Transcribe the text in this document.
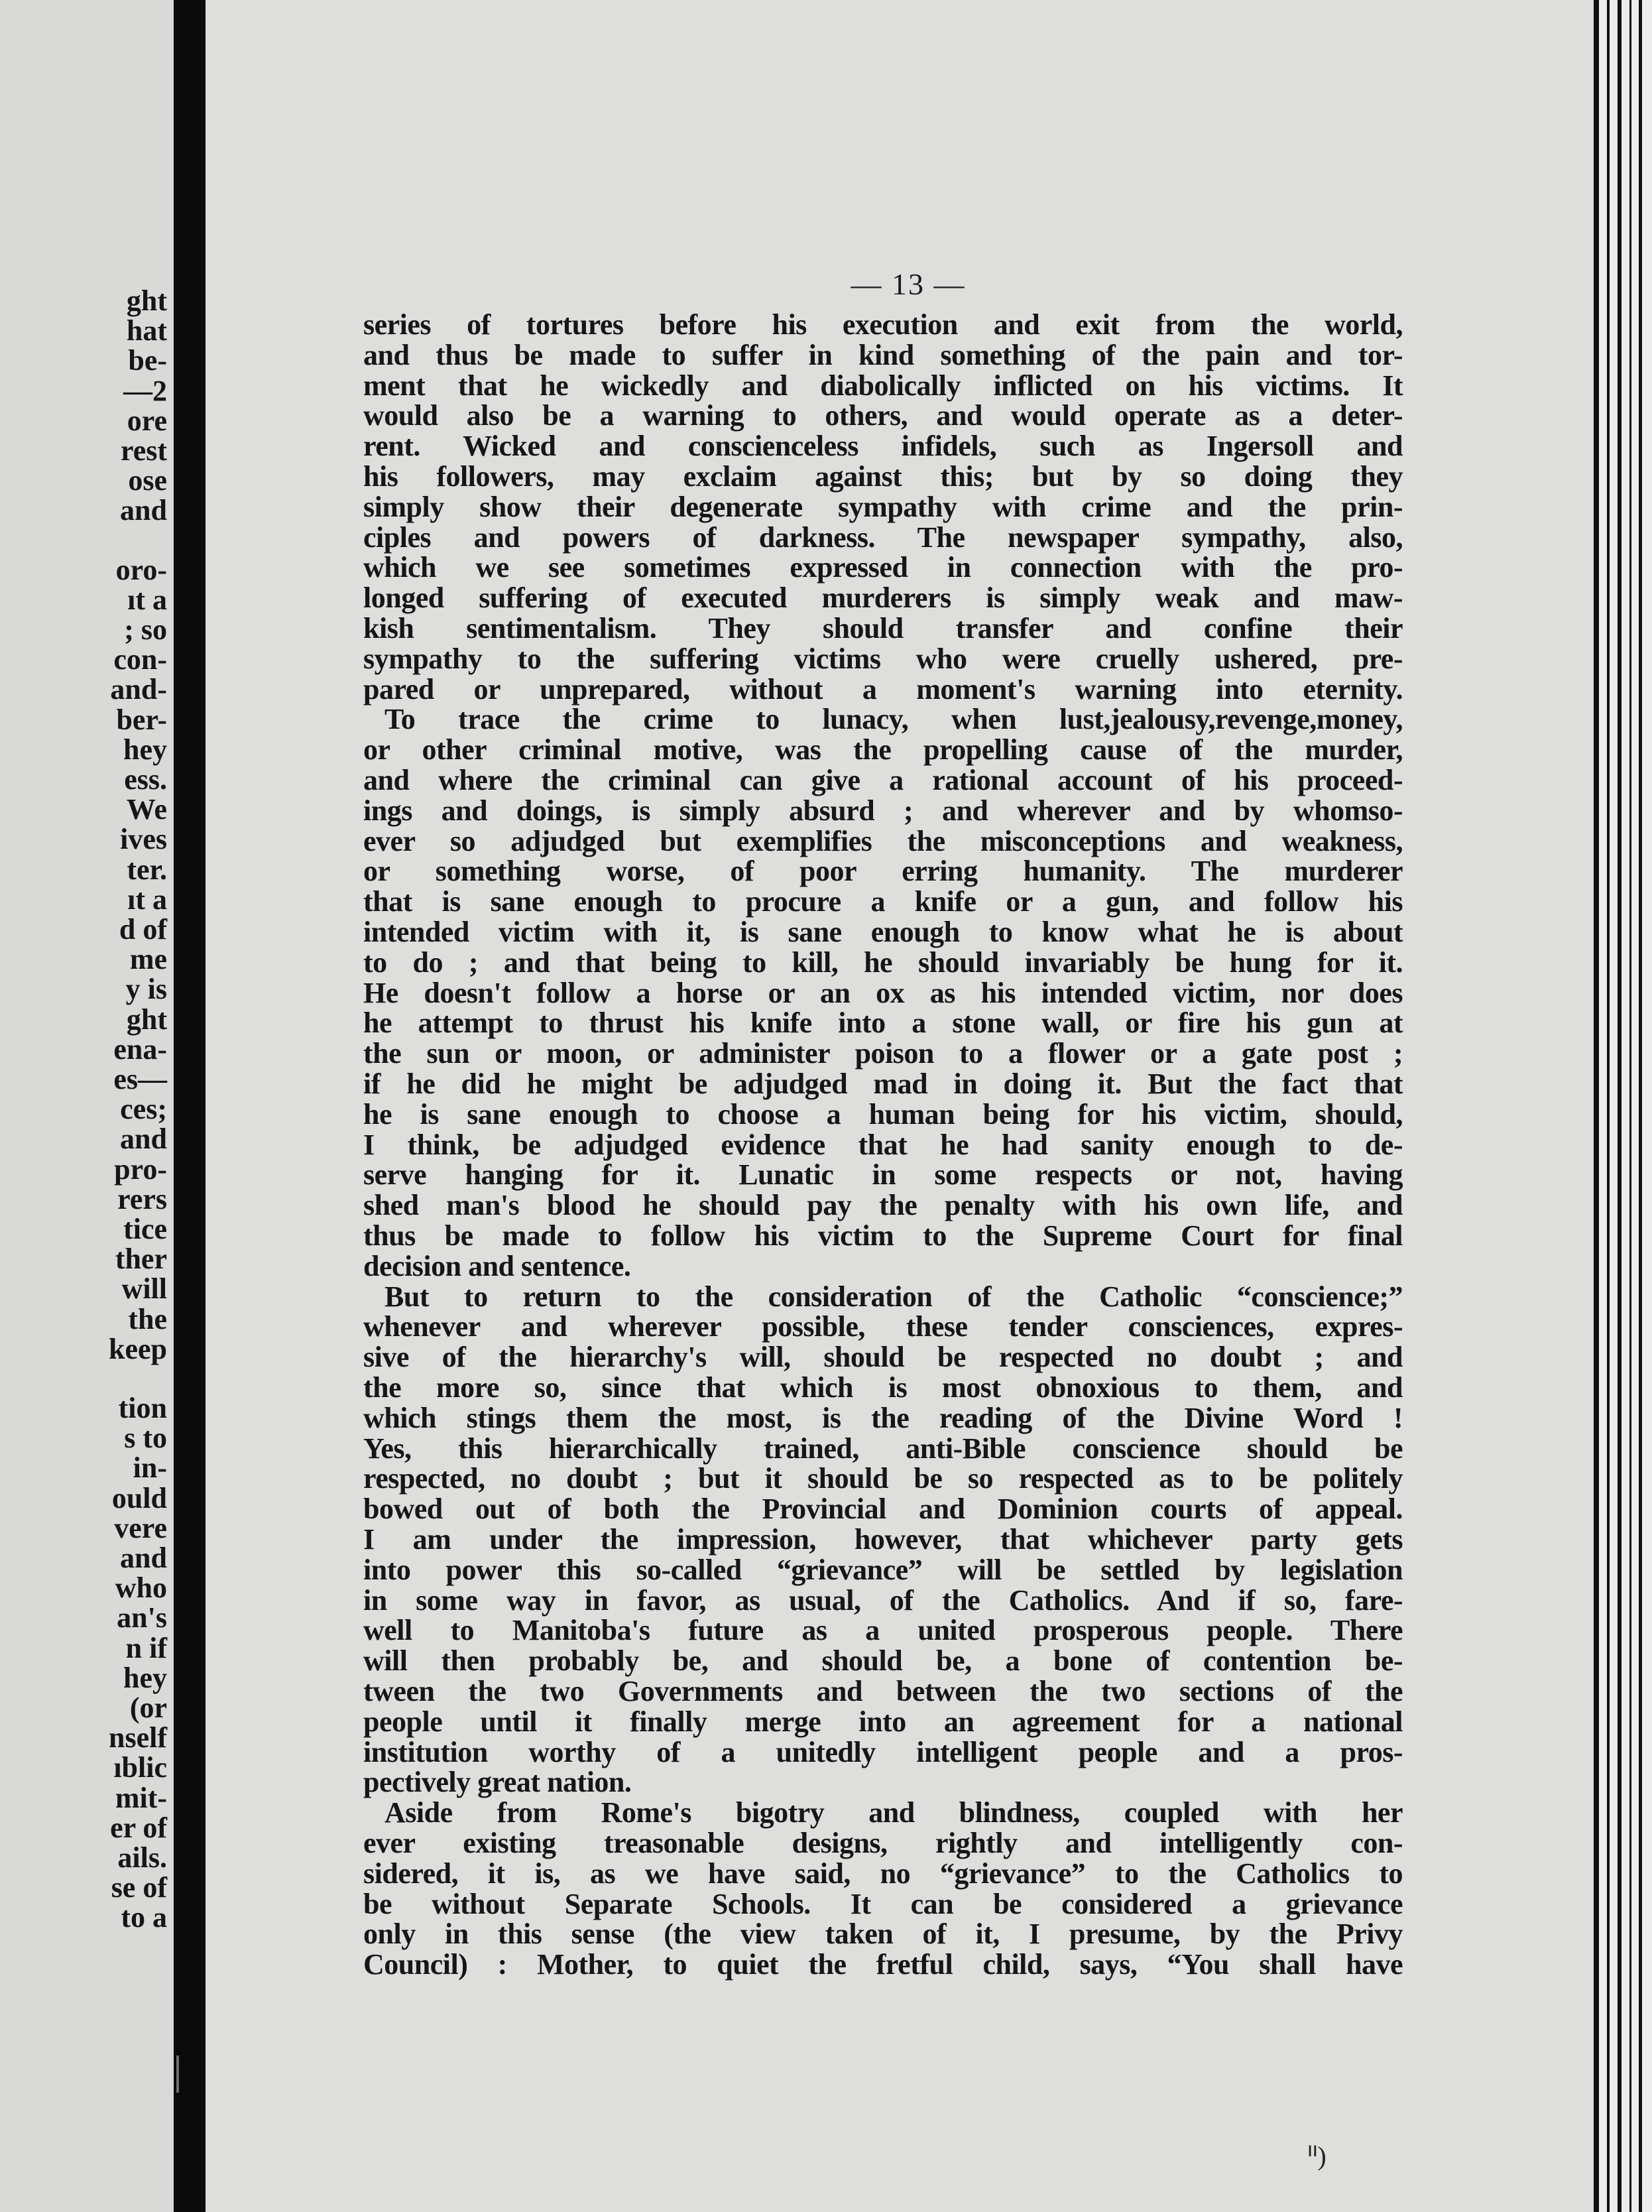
ght
hat
be-
—2
ore
rest
ose
and
oro-
ıt a
; so
con-
and-
ber-
hey
ess.
We
ives
ter.
ıt a
d of
me
y is
ght
ena-
es—
ces;
and
pro-
rers
tice
ther
will
the
keep
tion
s to
in-
ould
vere
and
who
an's
n if
hey
(or
nself
ıblic
mit-
er of
ails.
se of
to a
— 13 —
series of tortures before his execution and exit from the world,
and thus be made to suffer in kind something of the pain and tor-
ment that he wickedly and diabolically inflicted on his victims. It
would also be a warning to others, and would operate as a deter-
rent. Wicked and conscienceless infidels, such as Ingersoll and
his followers, may exclaim against this; but by so doing they
simply show their degenerate sympathy with crime and the prin-
ciples and powers of darkness. The newspaper sympathy, also,
which we see sometimes expressed in connection with the pro-
longed suffering of executed murderers is simply weak and maw-
kish sentimentalism. They should transfer and confine their
sympathy to the suffering victims who were cruelly ushered, pre-
pared or unprepared, without a moment's warning into eternity.
To trace the crime to lunacy, when lust,jealousy,revenge,money,
or other criminal motive, was the propelling cause of the murder,
and where the criminal can give a rational account of his proceed-
ings and doings, is simply absurd ; and wherever and by whomso-
ever so adjudged but exemplifies the misconceptions and weakness,
or something worse, of poor erring humanity. The murderer
that is sane enough to procure a knife or a gun, and follow his
intended victim with it, is sane enough to know what he is about
to do ; and that being to kill, he should invariably be hung for it.
He doesn't follow a horse or an ox as his intended victim, nor does
he attempt to thrust his knife into a stone wall, or fire his gun at
the sun or moon, or administer poison to a flower or a gate post ;
if he did he might be adjudged mad in doing it. But the fact that
he is sane enough to choose a human being for his victim, should,
I think, be adjudged evidence that he had sanity enough to de-
serve hanging for it. Lunatic in some respects or not, having
shed man's blood he should pay the penalty with his own life, and
thus be made to follow his victim to the Supreme Court for final
decision and sentence.
But to return to the consideration of the Catholic “conscience;”
whenever and wherever possible, these tender consciences, expres-
sive of the hierarchy's will, should be respected no doubt ; and
the more so, since that which is most obnoxious to them, and
which stings them the most, is the reading of the Divine Word !
Yes, this hierarchically trained, anti-Bible conscience should be
respected, no doubt ; but it should be so respected as to be politely
bowed out of both the Provincial and Dominion courts of appeal.
I am under the impression, however, that whichever party gets
into power this so-called “grievance” will be settled by legislation
in some way in favor, as usual, of the Catholics. And if so, fare-
well to Manitoba's future as a united prosperous people. There
will then probably be, and should be, a bone of contention be-
tween the two Governments and between the two sections of the
people until it finally merge into an agreement for a national
institution worthy of a unitedly intelligent people and a pros-
pectively great nation.
Aside from Rome's bigotry and blindness, coupled with her
ever existing treasonable designs, rightly and intelligently con-
sidered, it is, as we have said, no “grievance” to the Catholics to
be without Separate Schools. It can be considered a grievance
only in this sense (the view taken of it, I presume, by the Privy
Council) : Mother, to quiet the fretful child, says, “You shall have
ᐦ)
